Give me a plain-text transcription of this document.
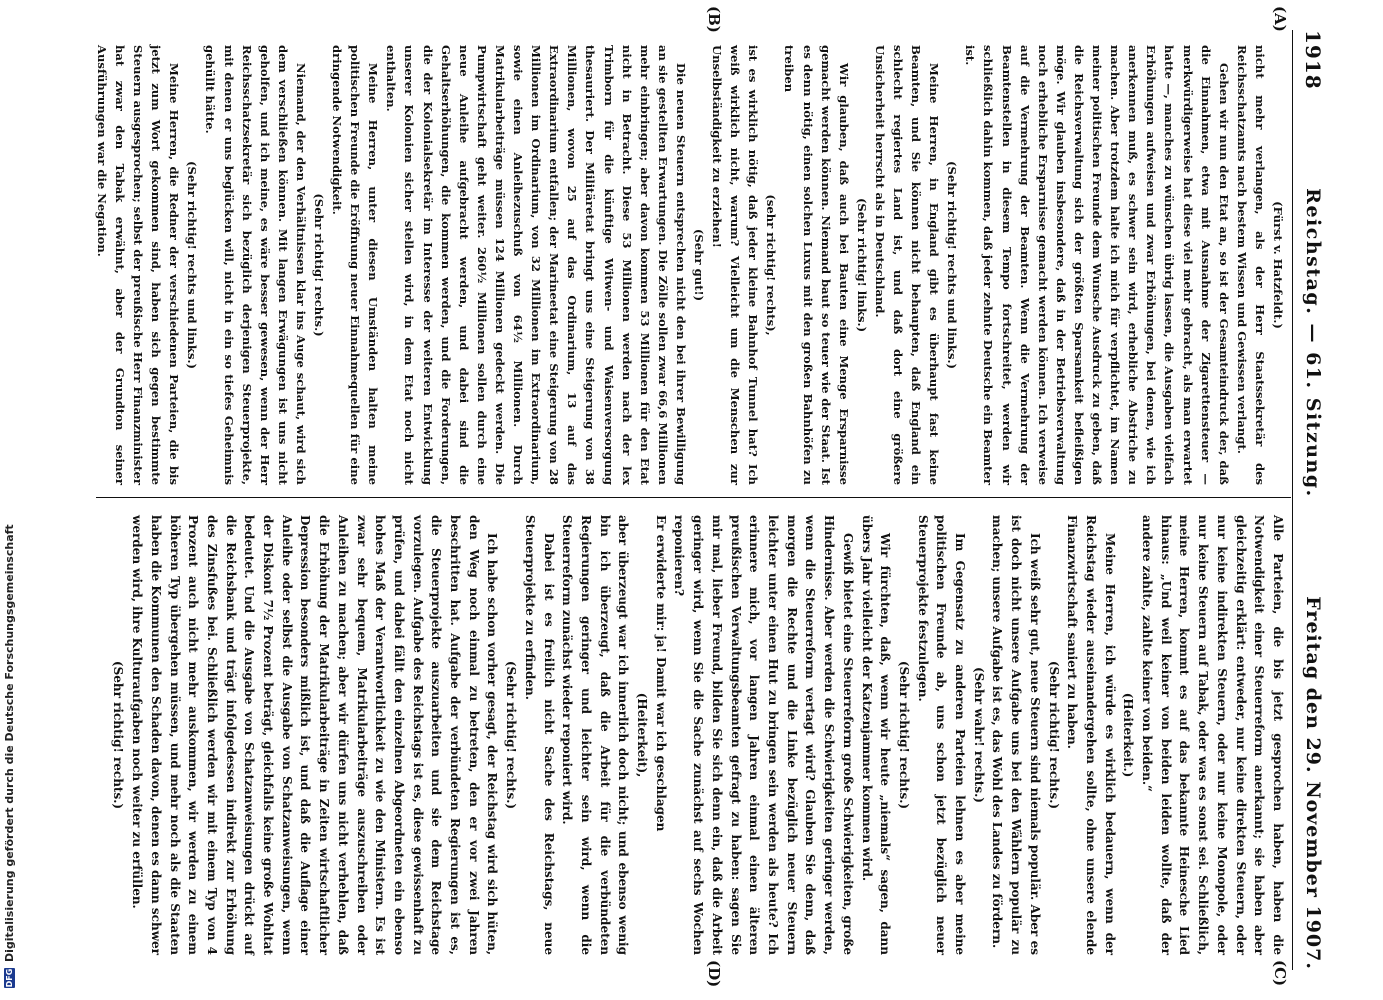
1918
Reichstag. — 61. Sitzung.
Freitag den 29. November 1907.
(A)
(B)
(C)
(D)

(Fürst v. Hatzfeldt.)

nicht mehr verlangen, als der Herr Staatssekretär des Reichsschatzamts nach bestem Wissen und Gewissen verlangt.

Gehen wir nun den Etat an, so ist der Gesamteindruck der, daß die Einnahmen, etwa mit Ausnahme der Zigarettensteuer — merkwürdigerweise hat diese viel mehr gebracht, als man erwartet hatte —, manches zu wünschen übrig lassen, die Ausgaben vielfach Erhöhungen aufweisen und zwar Erhöhungen, bei denen, wie ich anerkennen muß, es schwer sein wird, erhebliche Abstriche zu machen. Aber trotzdem halte ich mich für verpflichtet, im Namen meiner politischen Freunde dem Wunsche Ausdruck zu geben, daß die Reichsverwaltung sich der größten Sparsamkeit befleißigen möge. Wir glauben insbesondere, daß in der Betriebsverwaltung noch erhebliche Ersparnisse gemacht werden können. Ich verweise auf die Vermehrung der Beamten. Wenn die Vermehrung der Beamtenstellen in diesem Tempo fortschreitet, werden wir schließlich dahin kommen, daß jeder zehnte Deutsche ein Beamter ist.

(Sehr richtig! rechts und links.)

Meine Herren, in England gibt es überhaupt fast keine Beamten, und Sie können nicht behaupten, daß England ein schlecht regiertes Land ist, und daß dort eine größere Unsicherheit herrscht als in Deutschland.

(Sehr richtig! links.)

Wir glauben, daß auch bei Bauten eine Menge Ersparnisse gemacht werden können. Niemand baut so teuer wie der Staat. Ist es denn nötig, einen solchen Luxus mit den großen Bahnhöfen zu treiben

(sehr richtig! rechts),

ist es wirklich nötig, daß jeder kleine Bahnhof Tunnel hat? Ich weiß wirklich nicht, warum? Vielleicht um die Menschen zur Unselbständigkeit zu erziehen!

(Sehr gut!)

Die neuen Steuern entsprechen nicht den bei ihrer Bewilligung an sie gestellten Erwartungen. Die Zölle sollen zwar 66,6 Millionen mehr einbringen; aber davon kommen 53 Millionen für den Etat nicht in Betracht. Diese 53 Millionen werden nach der lex Trimborn für die künftige Witwen- und Waisenversorgung thesauriert. Der Militäretat bringt uns eine Steigerung von 38 Millionen, wovon 25 auf das Ordinarium, 13 auf das Extraordinarium entfallen; der Marineetat eine Steigerung von 28 Millionen im Ordinarium, von 32 Millionen im Extraordinarium, sowie einen Anleihezuschuß von 64½ Millionen. Durch Matrikularbeiträge müssen 124 Millionen gedeckt werden. Die Pumpwirtschaft geht weiter. 260½ Millionen sollen durch eine neue Anleihe aufgebracht werden, und dabei sind die Gehaltserhöhungen, die kommen werden, und die Forderungen, die der Kolonialsekretär im Interesse der weiteren Entwicklung unserer Kolonien sicher stellen wird, in dem Etat noch nicht enthalten.

Meine Herren, unter diesen Umständen halten meine politischen Freunde die Eröffnung neuer Einnahmequellen für eine dringende Notwendigkeit.

(Sehr richtig! rechts.)

Niemand, der den Verhältnissen klar ins Auge schaut, wird sich dem verschließen können. Mit langen Erwägungen ist uns nicht geholfen, und ich meine, es wäre besser gewesen, wenn der Herr Reichsschatzsekretär sich bezüglich derjenigen Steuerprojekte, mit denen er uns beglücken will, nicht in ein so tiefes Geheimnis gehüllt hätte.

(Sehr richtig! rechts und links.)

Meine Herren, die Redner der verschiedenen Parteien, die bis jetzt zum Wort gekommen sind, haben sich gegen bestimmte Steuern ausgesprochen; selbst der preußische Herr Finanzminister hat zwar den Tabak erwähnt, aber der Grundton seiner Ausführungen war die Negation.

Alle Parteien, die bis jetzt gesprochen haben, haben die Notwendigkeit einer Steuerreform anerkannt; sie haben aber gleichzeitig erklärt: entweder, nur keine direkten Steuern, oder nur keine indirekten Steuern, oder nur keine Monopole, oder nur keine Steuern auf Tabak, oder was es sonst sei. Schließlich, meine Herren, kommt es auf das bekannte Heinesche Lied hinaus: „Und weil keiner von beiden leiden wollte, daß der andere zahlte, zahlte keiner von beiden.“

(Heiterkeit.)

Meine Herren, ich würde es wirklich bedauern, wenn der Reichstag wieder auseinandergehen sollte, ohne unsere elende Finanzwirtschaft saniert zu haben.

(Sehr richtig! rechts.)

Ich weiß sehr gut, neue Steuern sind niemals populär. Aber es ist doch nicht unsere Aufgabe uns bei den Wählern populär zu machen; unsere Aufgabe ist es, das Wohl des Landes zu fördern.

(Sehr wahr! rechts.)

Im Gegensatz zu anderen Parteien lehnen es aber meine politischen Freunde ab, uns schon jetzt bezüglich neuer Steuerprojekte festzulegen.

(Sehr richtig! rechts.)

Wir fürchten, daß, wenn wir heute „niemals“ sagen, dann übers Jahr vielleicht der Katzenjammer kommen wird.

Gewiß bietet eine Steuerreform große Schwierigkeiten, große Hindernisse. Aber werden die Schwierigkeiten geringer werden, wenn die Steuerreform vertagt wird? Glauben Sie denn, daß morgen die Rechte und die Linke bezüglich neuer Steuern leichter unter einen Hut zu bringen sein werden als heute? Ich erinnere mich, vor langen Jahren einmal einen älteren preußischen Verwaltungsbeamten gefragt zu haben: sagen Sie mir mal, lieber Freund, bilden Sie sich denn ein, daß die Arbeit geringer wird, wenn Sie die Sache zunächst auf sechs Wochen reponieren?

Er erwiderte mir: ja! Damit war ich geschlagen

(Heiterkeit),

aber überzeugt war ich innerlich doch nicht; und ebenso wenig bin ich überzeugt, daß die Arbeit für die verbündeten Regierungen geringer und leichter sein wird, wenn die Steuerreform zunächst wieder reponiert wird.

Dabei ist es freilich nicht Sache des Reichstags, neue Steuerprojekte zu erfinden.

(Sehr richtig! rechts.)

Ich habe schon vorher gesagt, der Reichstag wird sich hüten, den Weg noch einmal zu betreten, den er vor zwei Jahren beschritten hat. Aufgabe der verbündeten Regierungen ist es, die Steuerprojekte auszuarbeiten und sie dem Reichstage vorzulegen. Aufgabe des Reichstags ist es, diese gewissenhaft zu prüfen, und dabei fällt den einzelnen Abgeordneten ein ebenso hohes Maß der Verantwortlichkeit zu wie den Ministern. Es ist zwar sehr bequem, Matrikularbeiträge auszuschreiben oder Anleihen zu machen; aber wir dürfen uns nicht verhehlen, daß die Erhöhung der Matrikularbeiträge in Zeiten wirtschaftlicher Depression besonders mißlich ist, und daß die Auflage einer Anleihe oder selbst die Ausgabe von Schatzanweisungen, wenn der Diskont 7½ Prozent beträgt, gleichfalls keine große Wohltat bedeutet. Und die Ausgabe von Schatzanweisungen drückt auf die Reichsbank und trägt infolgedessen indirekt zur Erhöhung des Zinsfußes bei. Schließlich werden wir mit einem Typ von 4 Prozent auch nicht mehr auskommen, wir werden zu einem höheren Typ übergehen müssen, und mehr noch als die Staaten haben die Kommunen den Schaden davon, denen es dann schwer werden wird, ihre Kulturaufgaben noch weiter zu erfüllen.

(Sehr richtig! rechts.)

DFG
Digitalisierung gefördert durch die Deutsche Forschungsgemeinschaft
